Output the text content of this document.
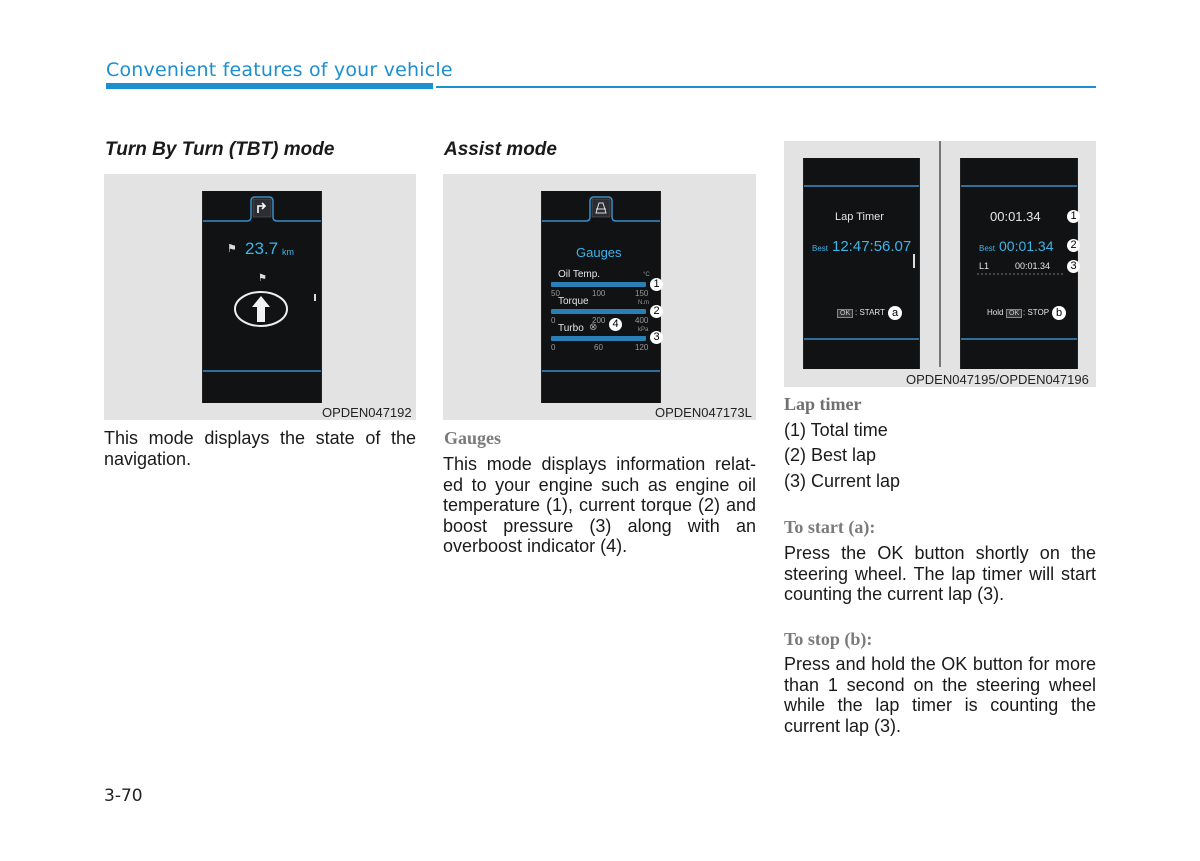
Convenient features of your vehicle
Turn By Turn (TBT) mode
⚑ 23.7 km
⚑
OPDEN047192
This mode displays the state of the navigation.
Assist mode
Gauges
Oil Temp.	°C
50	100	150
1
Torque	N.m
0	200	400
2
Turbo ⊗	4	kPa
0	60	120
3
OPDEN047173L
Gauges
This mode displays information relat-ed to your engine such as engine oil temperature (1), current torque (2) and boost pressure (3) along with an overboost indicator (4).
Lap Timer
Best 12:47:56.07
OK : START a
00:01.34	1
Best 00:01.34	2
L1	00:01.34	3
Hold OK : STOP b
OPDEN047195/OPDEN047196
Lap timer
(1) Total time
(2) Best lap
(3) Current lap
To start (a):
Press the OK button shortly on the steering wheel. The lap timer will start counting the current lap (3).
To stop (b):
Press and hold the OK button for more than 1 second on the steering wheel while the lap timer is counting the current lap (3).
3-70
